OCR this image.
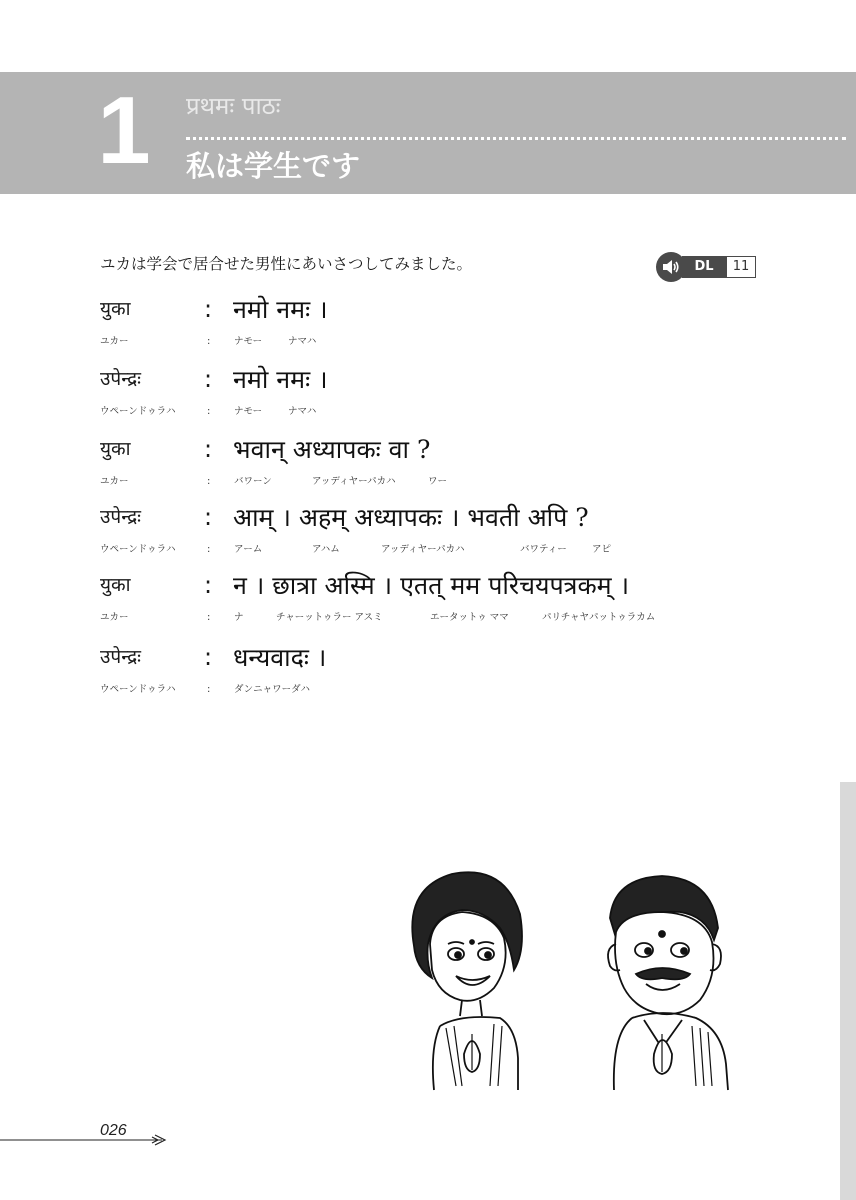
1 प्रथमः पाठः
私は学生です
ユカは学会で居合せた男性にあいさつしてみました。	DL	11
युका	: नमो नमः ।
ユカー	: ナモー	ナマハ
उपेन्द्रः	: नमो नमः ।
ウペーンドゥラハ	: ナモー	ナマハ
युका	: भवान् अध्यापकः वा ?
ユカー	: バワーン	アッディヤーパカハ	ワー
उपेन्द्रः	: आम् । अहम् अध्यापकः । भवती अपि ?
ウペーンドゥラハ	: アーム	アハム	アッディヤーパカハ	バワティー	アピ
युका	: न । छात्रा अस्मि । एतत् मम परिचयपत्रकम् ।
ユカー	: ナ	チャーットゥラー アスミ	エータットゥ ママ	パリチャヤパットゥラカム
उपेन्द्रः	: धन्यवादः ।
ウペーンドゥラハ	: ダンニャワーダハ
026
